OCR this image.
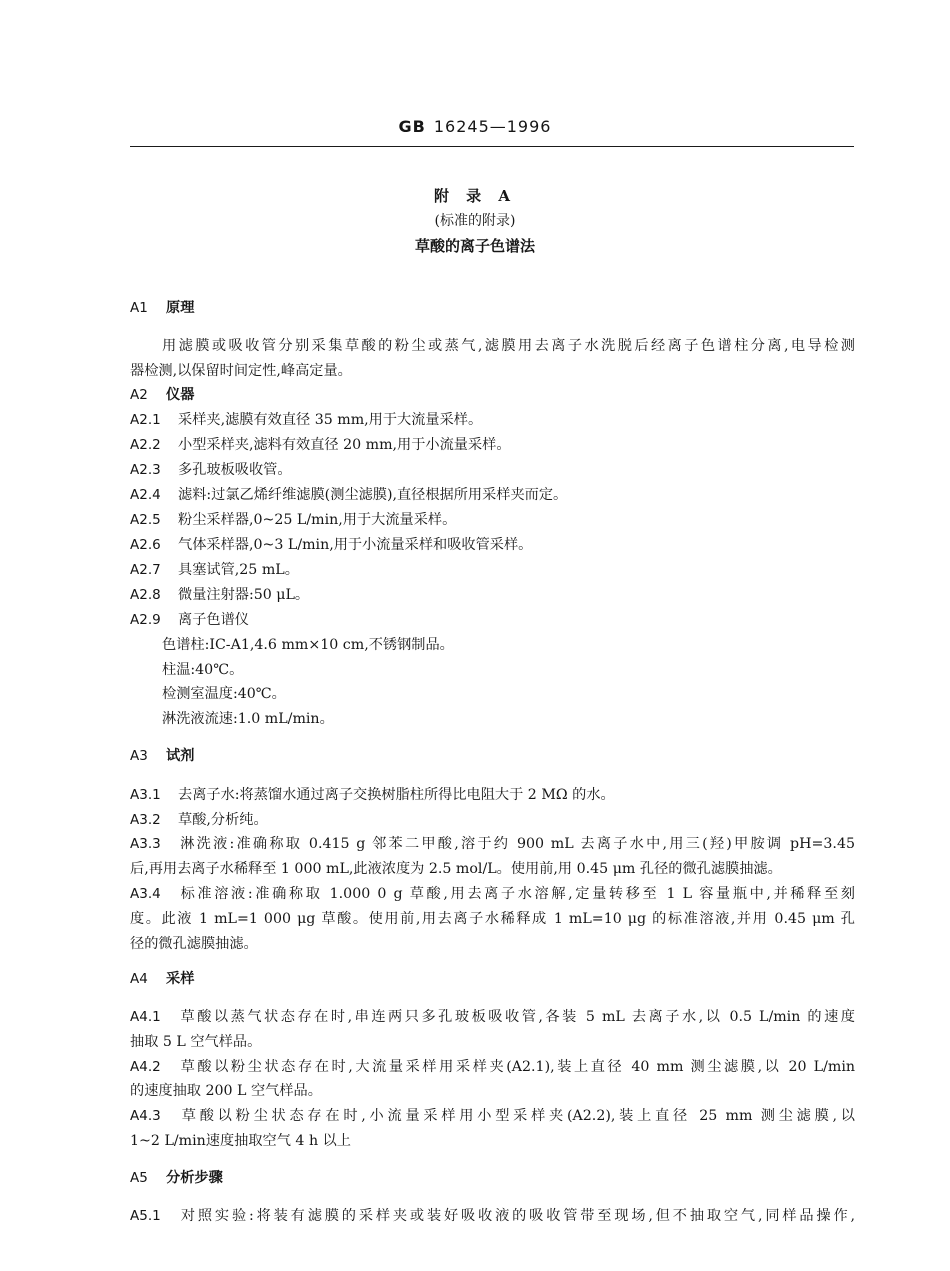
GB 16245—1996
附 录 A
(标准的附录)
草酸的离子色谱法
A1 原理
用滤膜或吸收管分别采集草酸的粉尘或蒸气,滤膜用去离子水洗脱后经离子色谱柱分离,电导检测
器检测,以保留时间定性,峰高定量。
A2 仪器
A2.1 采样夹,滤膜有效直径 35 mm,用于大流量采样。
A2.2 小型采样夹,滤料有效直径 20 mm,用于小流量采样。
A2.3 多孔玻板吸收管。
A2.4 滤料:过氯乙烯纤维滤膜(测尘滤膜),直径根据所用采样夹而定。
A2.5 粉尘采样器,0~25 L/min,用于大流量采样。
A2.6 气体采样器,0~3 L/min,用于小流量采样和吸收管采样。
A2.7 具塞试管,25 mL。
A2.8 微量注射器:50 μL。
A2.9 离子色谱仪
色谱柱:IC-A1,4.6 mm×10 cm,不锈钢制品。
柱温:40℃。
检测室温度:40℃。
淋洗液流速:1.0 mL/min。
A3 试剂
A3.1 去离子水:将蒸馏水通过离子交换树脂柱所得比电阻大于 2 MΩ 的水。
A3.2 草酸,分析纯。
A3.3 淋洗液:准确称取 0.415 g 邻苯二甲酸,溶于约 900 mL 去离子水中,用三(羟)甲胺调 pH=3.45
后,再用去离子水稀释至 1 000 mL,此液浓度为 2.5 mol/L。使用前,用 0.45 μm 孔径的微孔滤膜抽滤。
A3.4 标准溶液:准确称取 1.000 0 g 草酸,用去离子水溶解,定量转移至 1 L 容量瓶中,并稀释至刻
度。此液 1 mL=1 000 μg 草酸。使用前,用去离子水稀释成 1 mL=10 μg 的标准溶液,并用 0.45 μm 孔
径的微孔滤膜抽滤。
A4 采样
A4.1 草酸以蒸气状态存在时,串连两只多孔玻板吸收管,各装 5 mL 去离子水,以 0.5 L/min 的速度
抽取 5 L 空气样品。
A4.2 草酸以粉尘状态存在时,大流量采样用采样夹(A2.1),装上直径 40 mm 测尘滤膜,以 20 L/min
的速度抽取 200 L 空气样品。
A4.3 草酸以粉尘状态存在时,小流量采样用小型采样夹(A2.2),装上直径 25 mm 测尘滤膜,以
1~2 L/min速度抽取空气 4 h 以上
A5 分析步骤
A5.1 对照实验:将装有滤膜的采样夹或装好吸收液的吸收管带至现场,但不抽取空气,同样品操作,
